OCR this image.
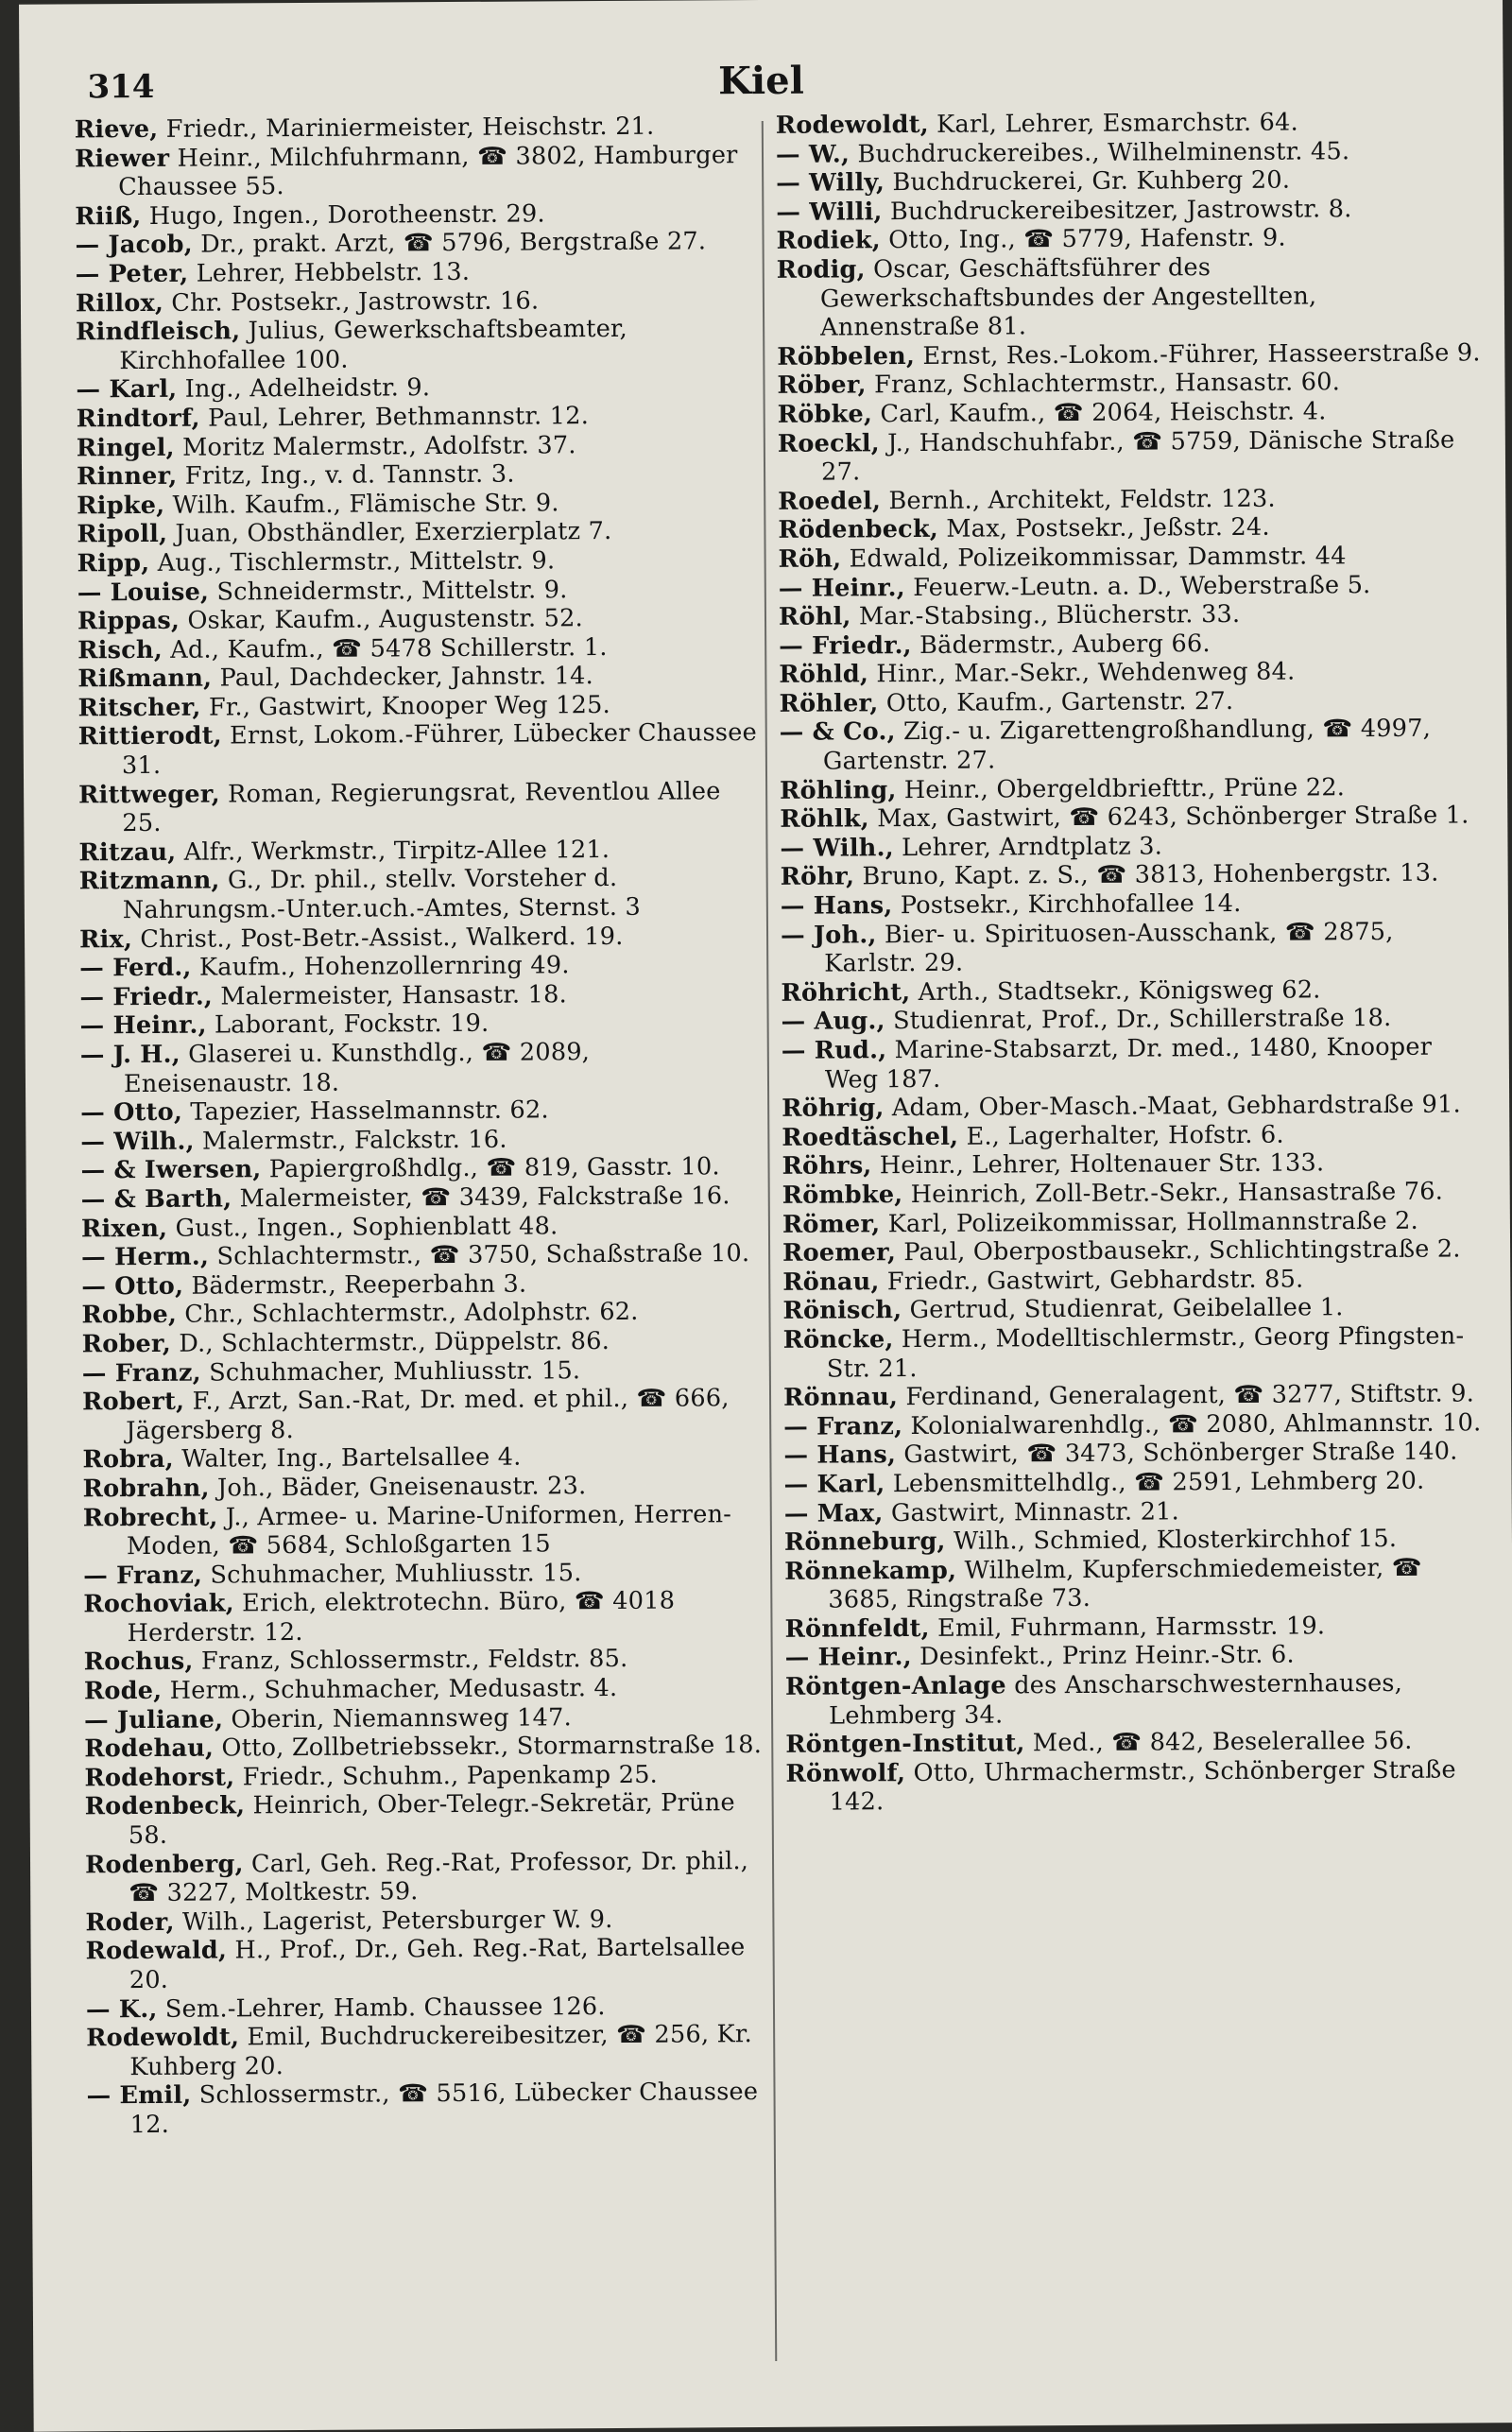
314	Kiel

Rieve, Friedr., Mariniermeister, Heischstr. 21.

Riewer Heinr., Milchfuhrmann, ☎ 3802, Hamburger Chaussee 55.

Riiß, Hugo, Ingen., Dorotheenstr. 29.

— Jacob, Dr., prakt. Arzt, ☎ 5796, Bergstraße 27.

— Peter, Lehrer, Hebbelstr. 13.

Rillox, Chr. Postsekr., Jastrowstr. 16.

Rindfleisch, Julius, Gewerkschaftsbeamter, Kirchhofallee 100.

— Karl, Ing., Adelheidstr. 9.

Rindtorf, Paul, Lehrer, Bethmannstr. 12.

Ringel, Moritz Malermstr., Adolfstr. 37.

Rinner, Fritz, Ing., v. d. Tannstr. 3.

Ripke, Wilh. Kaufm., Flämische Str. 9.

Ripoll, Juan, Obsthändler, Exerzierplatz 7.

Ripp, Aug., Tischlermstr., Mittelstr. 9.

— Louise, Schneidermstr., Mittelstr. 9.

Rippas, Oskar, Kaufm., Augustenstr. 52.

Risch, Ad., Kaufm., ☎ 5478 Schillerstr. 1.

Rißmann, Paul, Dachdecker, Jahnstr. 14.

Ritscher, Fr., Gastwirt, Knooper Weg 125.

Rittierodt, Ernst, Lokom.-Führer, Lübecker Chaussee 31.

Rittweger, Roman, Regierungsrat, Reventlou Allee 25.

Ritzau, Alfr., Werkmstr., Tirpitz-Allee 121.

Ritzmann, G., Dr. phil., stellv. Vorsteher d. Nahrungsm.-Unter.uch.-Amtes, Sternst. 3

Rix, Christ., Post-Betr.-Assist., Walkerd. 19.

— Ferd., Kaufm., Hohenzollernring 49.

— Friedr., Malermeister, Hansastr. 18.

— Heinr., Laborant, Fockstr. 19.

— J. H., Glaserei u. Kunsthdlg., ☎ 2089, Eneisenaustr. 18.

— Otto, Tapezier, Hasselmannstr. 62.

— Wilh., Malermstr., Falckstr. 16.

— & Iwersen, Papiergroßhdlg., ☎ 819, Gasstr. 10.

— & Barth, Malermeister, ☎ 3439, Falckstraße 16.

Rixen, Gust., Ingen., Sophienblatt 48.

— Herm., Schlachtermstr., ☎ 3750, Schaßstraße 10.

— Otto, Bädermstr., Reeperbahn 3.

Robbe, Chr., Schlachtermstr., Adolphstr. 62.

Rober, D., Schlachtermstr., Düppelstr. 86.

— Franz, Schuhmacher, Muhliusstr. 15.

Robert, F., Arzt, San.-Rat, Dr. med. et phil., ☎ 666, Jägersberg 8.

Robra, Walter, Ing., Bartelsallee 4.

Robrahn, Joh., Bäder, Gneisenaustr. 23.

Robrecht, J., Armee- u. Marine-Uniformen, Herren-Moden, ☎ 5684, Schloßgarten 15

— Franz, Schuhmacher, Muhliusstr. 15.

Rochoviak, Erich, elektrotechn. Büro, ☎ 4018 Herderstr. 12.

Rochus, Franz, Schlossermstr., Feldstr. 85.

Rode, Herm., Schuhmacher, Medusastr. 4.

— Juliane, Oberin, Niemannsweg 147.

Rodehau, Otto, Zollbetriebssekr., Stormarnstraße 18.

Rodehorst, Friedr., Schuhm., Papenkamp 25.

Rodenbeck, Heinrich, Ober-Telegr.-Sekretär, Prüne 58.

Rodenberg, Carl, Geh. Reg.-Rat, Professor, Dr. phil., ☎ 3227, Moltkestr. 59.

Roder, Wilh., Lagerist, Petersburger W. 9.

Rodewald, H., Prof., Dr., Geh. Reg.-Rat, Bartelsallee 20.

— K., Sem.-Lehrer, Hamb. Chaussee 126.

Rodewoldt, Emil, Buchdruckereibesitzer, ☎ 256, Kr. Kuhberg 20.

— Emil, Schlossermstr., ☎ 5516, Lübecker Chaussee 12.

Rodewoldt, Karl, Lehrer, Esmarchstr. 64.

— W., Buchdruckereibes., Wilhelminenstr. 45.

— Willy, Buchdruckerei, Gr. Kuhberg 20.

— Willi, Buchdruckereibesitzer, Jastrowstr. 8.

Rodiek, Otto, Ing., ☎ 5779, Hafenstr. 9.

Rodig, Oscar, Geschäftsführer des Gewerkschaftsbundes der Angestellten, Annenstraße 81.

Röbbelen, Ernst, Res.-Lokom.-Führer, Hasseerstraße 9.

Röber, Franz, Schlachtermstr., Hansastr. 60.

Röbke, Carl, Kaufm., ☎ 2064, Heischstr. 4.

Roeckl, J., Handschuhfabr., ☎ 5759, Dänische Straße 27.

Roedel, Bernh., Architekt, Feldstr. 123.

Rödenbeck, Max, Postsekr., Jeßstr. 24.

Röh, Edwald, Polizeikommissar, Dammstr. 44

— Heinr., Feuerw.-Leutn. a. D., Weberstraße 5.

Röhl, Mar.-Stabsing., Blücherstr. 33.

— Friedr., Bädermstr., Auberg 66.

Röhld, Hinr., Mar.-Sekr., Wehdenweg 84.

Röhler, Otto, Kaufm., Gartenstr. 27.

— & Co., Zig.- u. Zigarettengroßhandlung, ☎ 4997, Gartenstr. 27.

Röhling, Heinr., Obergeldbriefttr., Prüne 22.

Röhlk, Max, Gastwirt, ☎ 6243, Schönberger Straße 1.

— Wilh., Lehrer, Arndtplatz 3.

Röhr, Bruno, Kapt. z. S., ☎ 3813, Hohenbergstr. 13.

— Hans, Postsekr., Kirchhofallee 14.

— Joh., Bier- u. Spirituosen-Ausschank, ☎ 2875, Karlstr. 29.

Röhricht, Arth., Stadtsekr., Königsweg 62.

— Aug., Studienrat, Prof., Dr., Schillerstraße 18.

— Rud., Marine-Stabsarzt, Dr. med., 1480, Knooper Weg 187.

Röhrig, Adam, Ober-Masch.-Maat, Gebhardstraße 91.

Roedtäschel, E., Lagerhalter, Hofstr. 6.

Röhrs, Heinr., Lehrer, Holtenauer Str. 133.

Römbke, Heinrich, Zoll-Betr.-Sekr., Hansastraße 76.

Römer, Karl, Polizeikommissar, Hollmannstraße 2.

Roemer, Paul, Oberpostbausekr., Schlichtingstraße 2.

Rönau, Friedr., Gastwirt, Gebhardstr. 85.

Rönisch, Gertrud, Studienrat, Geibelallee 1.

Röncke, Herm., Modelltischlermstr., Georg Pfingsten-Str. 21.

Rönnau, Ferdinand, Generalagent, ☎ 3277, Stiftstr. 9.

— Franz, Kolonialwarenhdlg., ☎ 2080, Ahlmannstr. 10.

— Hans, Gastwirt, ☎ 3473, Schönberger Straße 140.

— Karl, Lebensmittelhdlg., ☎ 2591, Lehmberg 20.

— Max, Gastwirt, Minnastr. 21.

Rönneburg, Wilh., Schmied, Klosterkirchhof 15.

Rönnekamp, Wilhelm, Kupferschmiedemeister, ☎ 3685, Ringstraße 73.

Rönnfeldt, Emil, Fuhrmann, Harmsstr. 19.

— Heinr., Desinfekt., Prinz Heinr.-Str. 6.

Röntgen-Anlage des Anscharschwesternhauses, Lehmberg 34.

Röntgen-Institut, Med., ☎ 842, Beselerallee 56.

Rönwolf, Otto, Uhrmachermstr., Schönberger Straße 142.
